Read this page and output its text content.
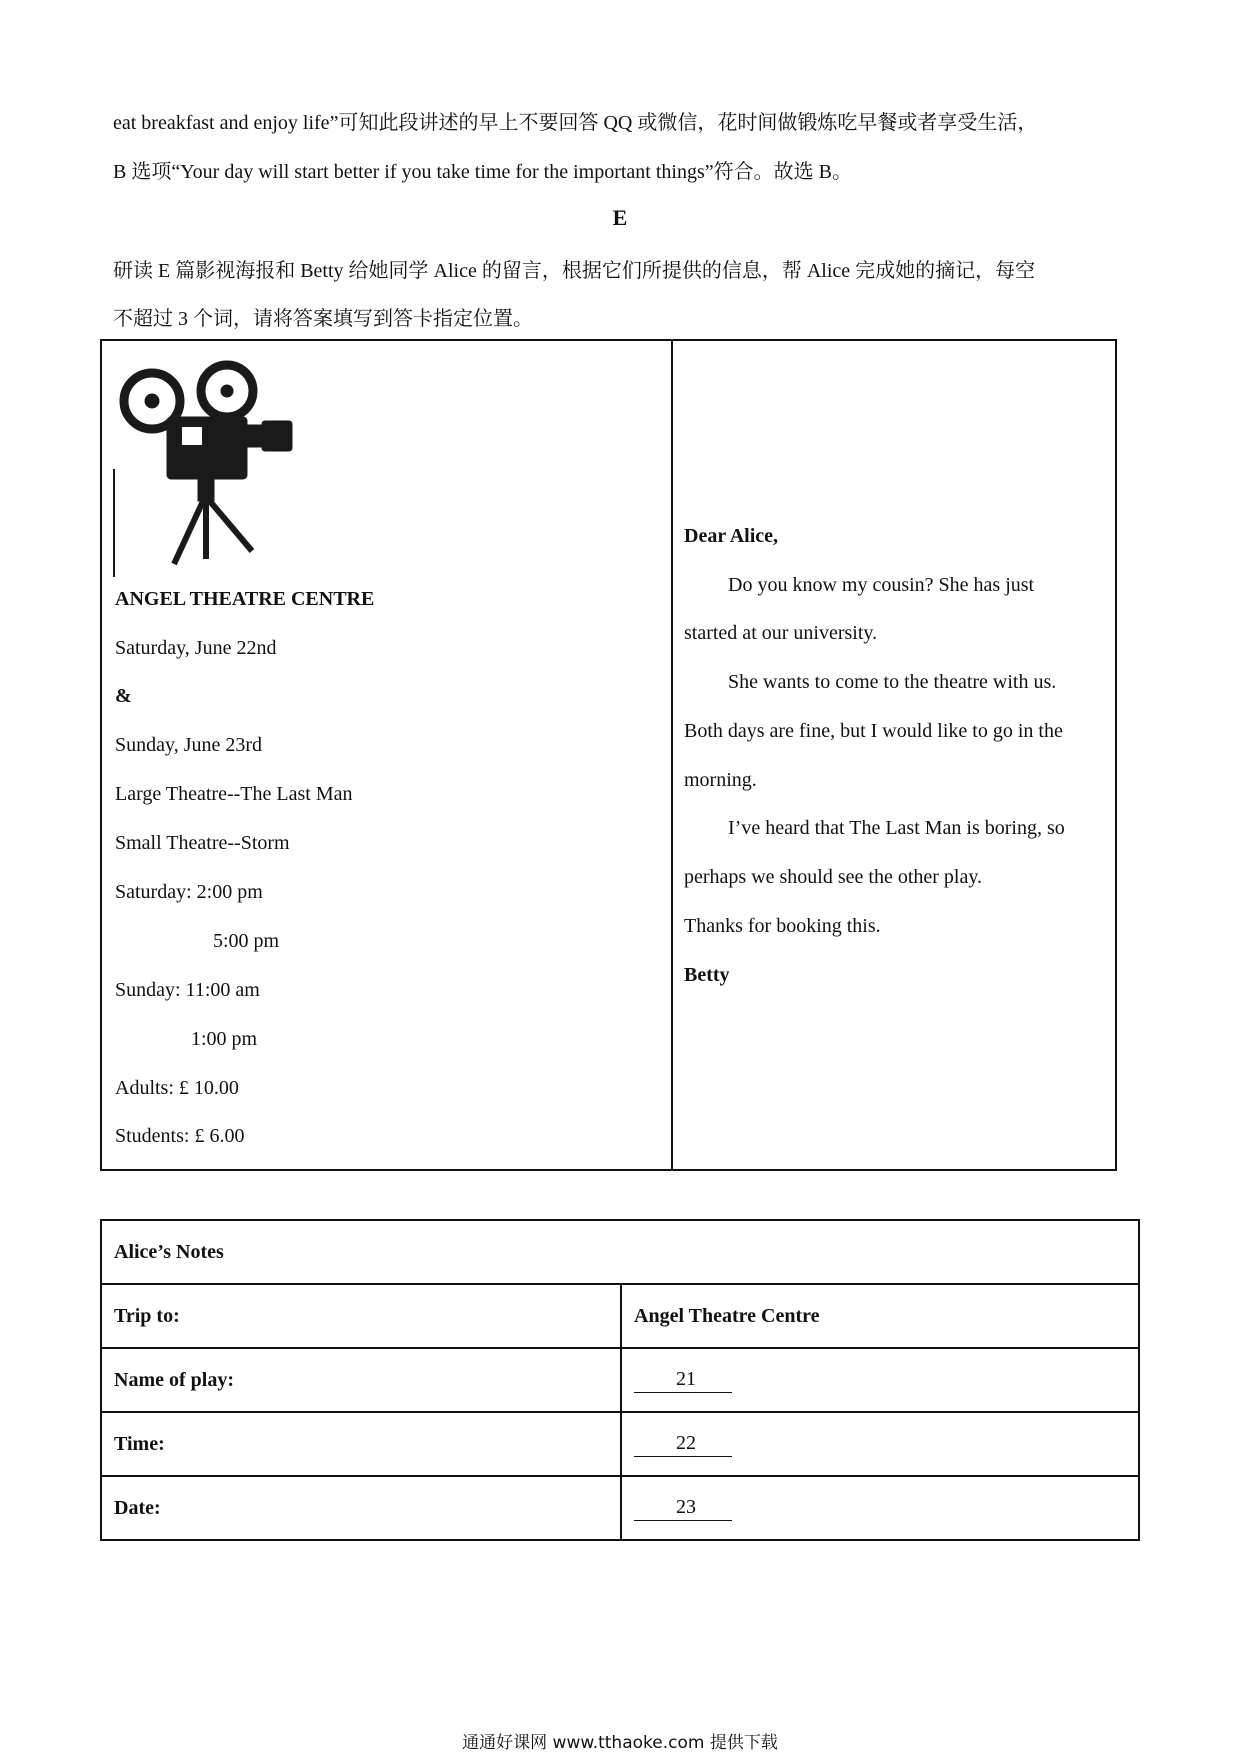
eat breakfast and enjoy life”可知此段讲述的早上不要回答 QQ 或微信，花时间做锻炼吃早餐或者享受生活，
B 选项“Your day will start better if you take time for the important things”符合。故选 B。
E
研读 E 篇影视海报和 Betty 给她同学 Alice 的留言，根据它们所提供的信息，帮 Alice 完成她的摘记，每空
不超过 3 个词，请将答案填写到答卡指定位置。
ANGEL THEATRE CENTRE
Saturday, June 22nd
&
Sunday, June 23rd
Large Theatre--The Last Man
Small Theatre--Storm
Saturday: 2:00 pm
5:00 pm
Sunday: 11:00 am
1:00 pm
Adults: £ 10.00
Students: £ 6.00
Dear Alice,
Do you know my cousin? She has just
started at our university.
She wants to come to the theatre with us.
Both days are fine, but I would like to go in the
morning.
I’ve heard that The Last Man is boring, so
perhaps we should see the other play.
Thanks for booking this.
Betty
Alice’s Notes	
Trip to:	Angel Theatre Centre
Name of play:	21
Time:	22
Date:	23
通通好课网 www.tthaoke.com 提供下载
